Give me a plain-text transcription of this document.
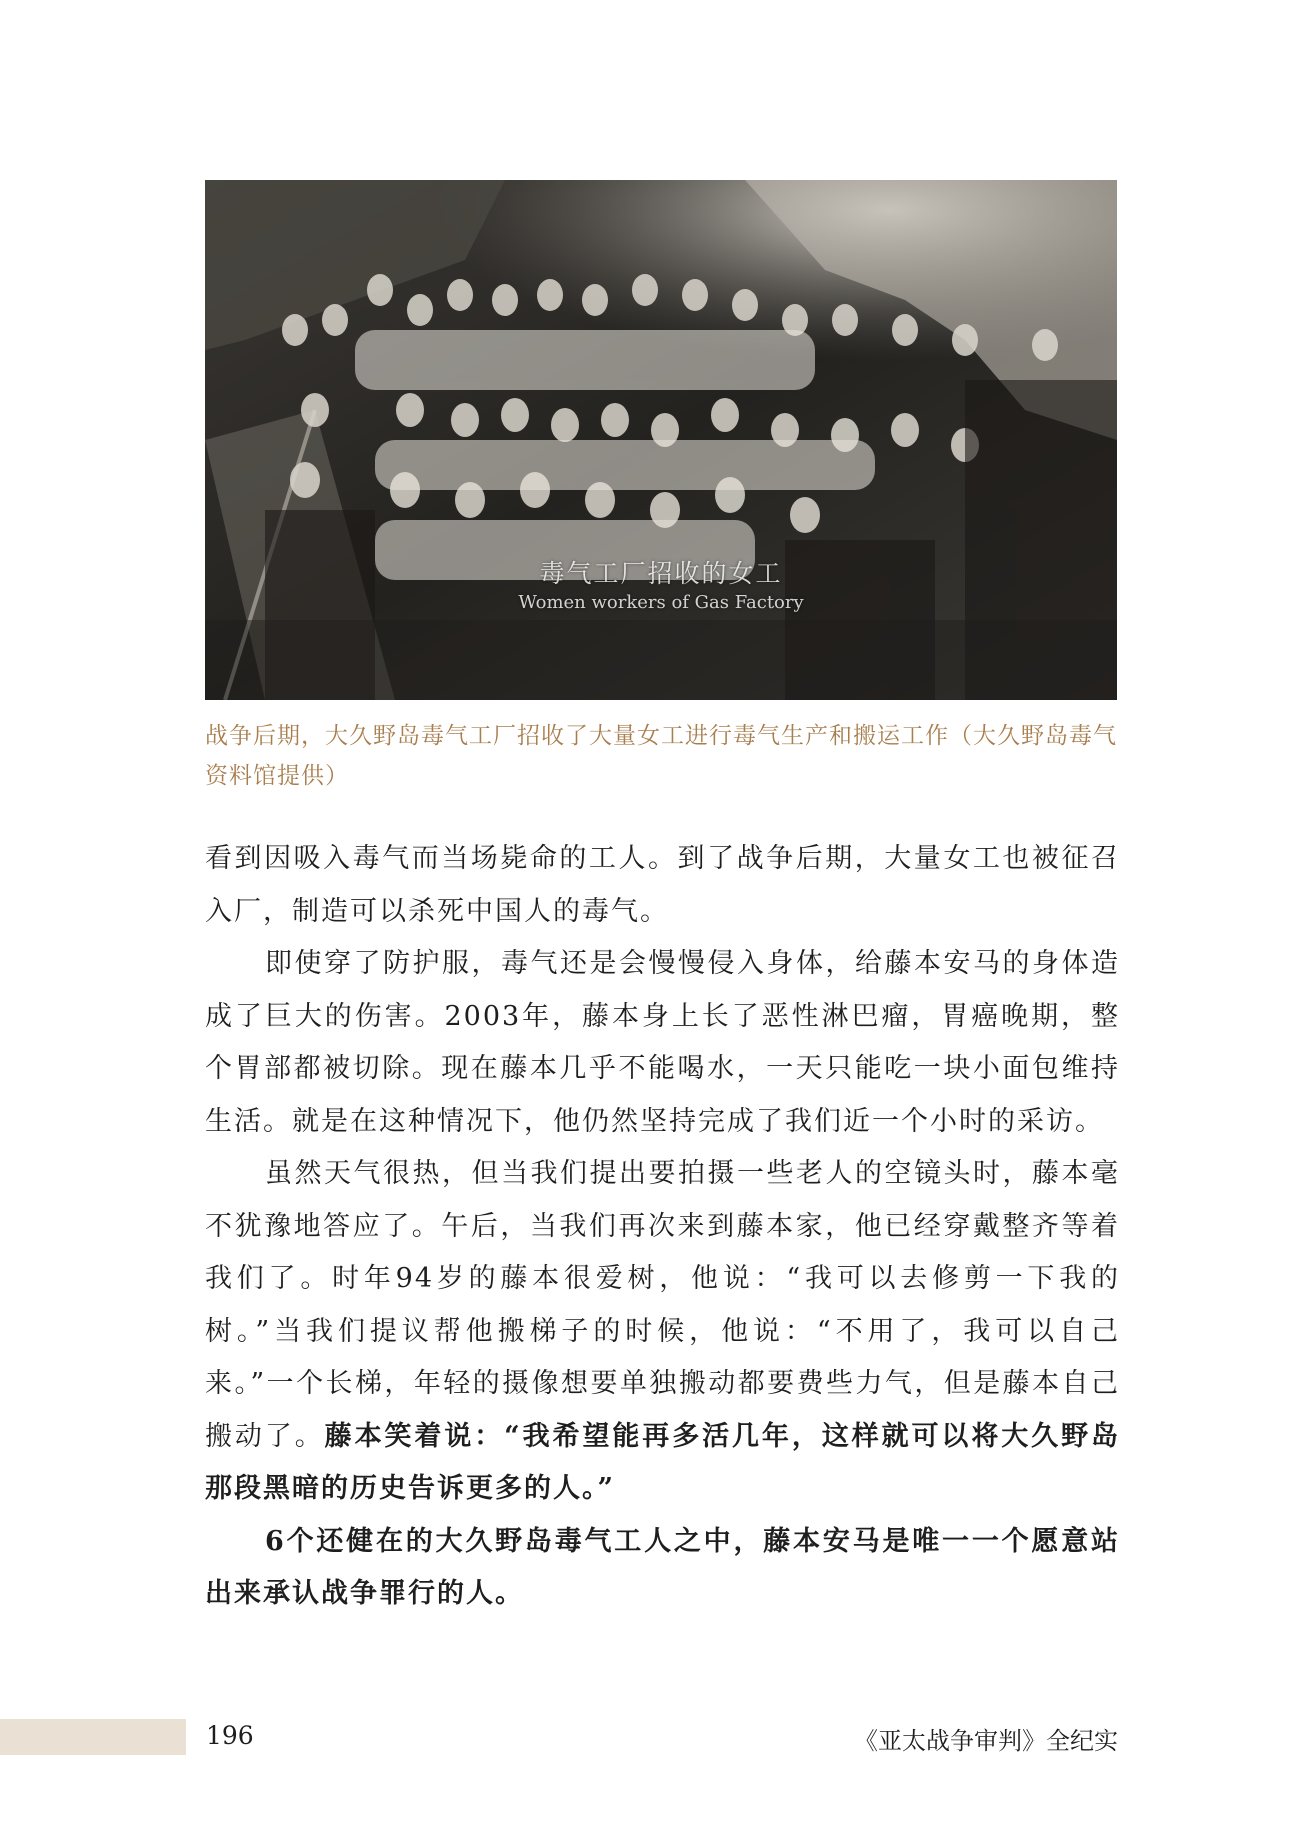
毒气工厂招收的女工
Women workers of Gas Factory
战争后期，大久野岛毒气工厂招收了大量女工进行毒气生产和搬运工作（大久野岛毒气资料馆提供）

看到因吸入毒气而当场毙命的工人。到了战争后期，大量女工也被征召入厂，制造可以杀死中国人的毒气。

即使穿了防护服，毒气还是会慢慢侵入身体，给藤本安马的身体造成了巨大的伤害。2003年，藤本身上长了恶性淋巴瘤，胃癌晚期，整个胃部都被切除。现在藤本几乎不能喝水，一天只能吃一块小面包维持生活。就是在这种情况下，他仍然坚持完成了我们近一个小时的采访。

虽然天气很热，但当我们提出要拍摄一些老人的空镜头时，藤本毫不犹豫地答应了。午后，当我们再次来到藤本家，他已经穿戴整齐等着我们了。时年94岁的藤本很爱树，他说：“我可以去修剪一下我的树。”当我们提议帮他搬梯子的时候，他说：“不用了，我可以自己来。”一个长梯，年轻的摄像想要单独搬动都要费些力气，但是藤本自己搬动了。藤本笑着说：“我希望能再多活几年，这样就可以将大久野岛那段黑暗的历史告诉更多的人。”

6个还健在的大久野岛毒气工人之中，藤本安马是唯一一个愿意站出来承认战争罪行的人。

196	《亚太战争审判》全纪实
